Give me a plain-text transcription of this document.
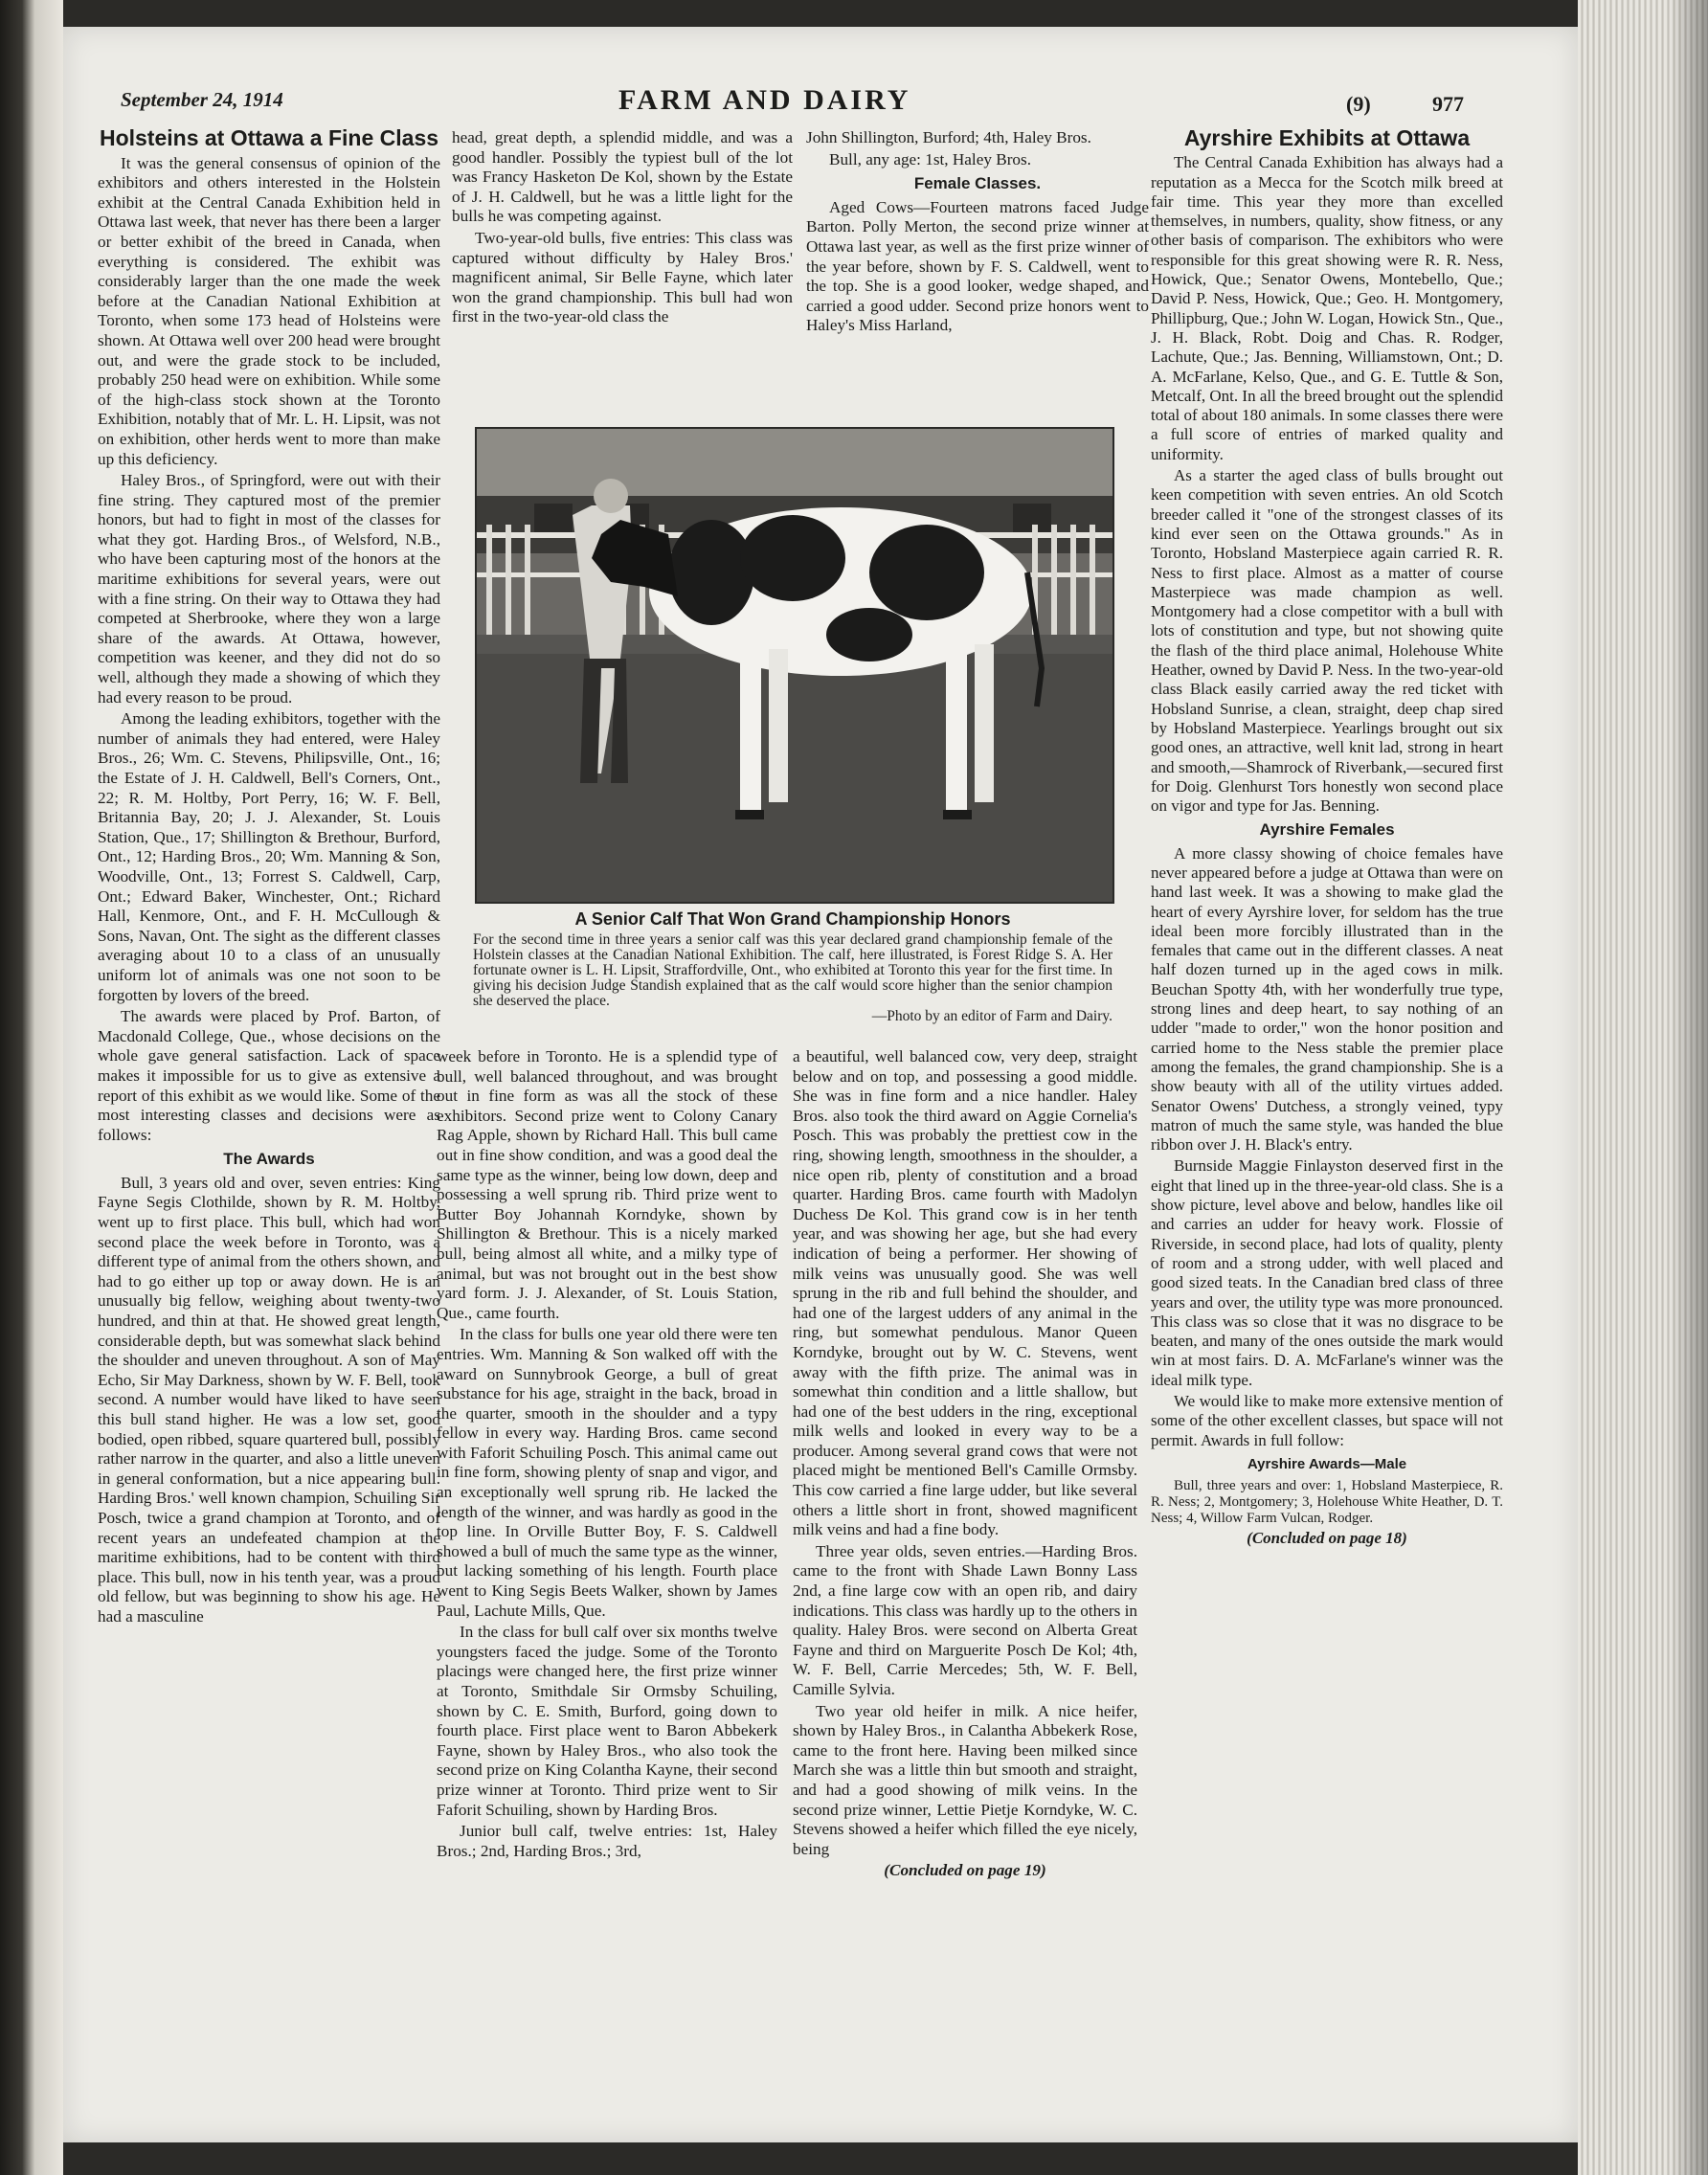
September 24, 1914	FARM AND DAIRY	(9)	977
Holsteins at Ottawa a Fine Class

It was the general consensus of opinion of the exhibitors and others interested in the Holstein exhibit at the Central Canada Exhibition held in Ottawa last week, that never has there been a larger or better exhibit of the breed in Canada, when everything is considered. The exhibit was considerably larger than the one made the week before at the Canadian National Exhibition at Toronto, when some 173 head of Holsteins were shown. At Ottawa well over 200 head were brought out, and were the grade stock to be included, probably 250 head were on exhibition. While some of the high-class stock shown at the Toronto Exhibition, notably that of Mr. L. H. Lipsit, was not on exhibition, other herds went to more than make up this deficiency.

Haley Bros., of Springford, were out with their fine string. They captured most of the premier honors, but had to fight in most of the classes for what they got. Harding Bros., of Welsford, N.B., who have been capturing most of the honors at the maritime exhibitions for several years, were out with a fine string. On their way to Ottawa they had competed at Sherbrooke, where they won a large share of the awards. At Ottawa, however, competition was keener, and they did not do so well, although they made a showing of which they had every reason to be proud.

Among the leading exhibitors, together with the number of animals they had entered, were Haley Bros., 26; Wm. C. Stevens, Philipsville, Ont., 16; the Estate of J. H. Caldwell, Bell's Corners, Ont., 22; R. M. Holtby, Port Perry, 16; W. F. Bell, Britannia Bay, 20; J. J. Alexander, St. Louis Station, Que., 17; Shillington & Brethour, Burford, Ont., 12; Harding Bros., 20; Wm. Manning & Son, Woodville, Ont., 13; Forrest S. Caldwell, Carp, Ont.; Edward Baker, Winchester, Ont.; Richard Hall, Kenmore, Ont., and F. H. McCullough & Sons, Navan, Ont. The sight as the different classes averaging about 10 to a class of an unusually uniform lot of animals was one not soon to be forgotten by lovers of the breed.

The awards were placed by Prof. Barton, of Macdonald College, Que., whose decisions on the whole gave general satisfaction. Lack of space makes it impossible for us to give as extensive a report of this exhibit as we would like. Some of the most interesting classes and decisions were as follows:

The Awards

Bull, 3 years old and over, seven entries: King Fayne Segis Clothilde, shown by R. M. Holtby, went up to first place. This bull, which had won second place the week before in Toronto, was a different type of animal from the others shown, and had to go either up top or away down. He is an unusually big fellow, weighing about twenty-two hundred, and thin at that. He showed great length, considerable depth, but was somewhat slack behind the shoulder and uneven throughout. A son of May Echo, Sir May Darkness, shown by W. F. Bell, took second. A number would have liked to have seen this bull stand higher. He was a low set, good bodied, open ribbed, square quartered bull, possibly rather narrow in the quarter, and also a little uneven in general conformation, but a nice appearing bull. Harding Bros.' well known champion, Schuiling Sir Posch, twice a grand champion at Toronto, and of recent years an undefeated champion at the maritime exhibitions, had to be content with third place. This bull, now in his tenth year, was a proud old fellow, but was beginning to show his age. He had a masculine

head, great depth, a splendid middle, and was a good handler. Possibly the typiest bull of the lot was Francy Hasketon De Kol, shown by the Estate of J. H. Caldwell, but he was a little light for the bulls he was competing against.

Two-year-old bulls, five entries: This class was captured without difficulty by Haley Bros.' magnificent animal, Sir Belle Fayne, which later won the grand championship. This bull had won first in the two-year-old class the

John Shillington, Burford; 4th, Haley Bros.

Bull, any age: 1st, Haley Bros.

Female Classes.

Aged Cows—Fourteen matrons faced Judge Barton. Polly Merton, the second prize winner at Ottawa last year, as well as the first prize winner of the year before, shown by F. S. Caldwell, went to the top. She is a good looker, wedge shaped, and carried a good udder. Second prize honors went to Haley's Miss Harland,

A Senior Calf That Won Grand Championship Honors
For the second time in three years a senior calf was this year declared grand championship female of the Holstein classes at the Canadian National Exhibition. The calf, here illustrated, is Forest Ridge S. A. Her fortunate owner is L. H. Lipsit, Straffordville, Ont., who exhibited at Toronto this year for the first time. In giving his decision Judge Standish explained that as the calf would score higher than the senior champion she deserved the place.
—Photo by an editor of Farm and Dairy.

week before in Toronto. He is a splendid type of bull, well balanced throughout, and was brought out in fine form as was all the stock of these exhibitors. Second prize went to Colony Canary Rag Apple, shown by Richard Hall. This bull came out in fine show condition, and was a good deal the same type as the winner, being low down, deep and possessing a well sprung rib. Third prize went to Butter Boy Johannah Korndyke, shown by Shillington & Brethour. This is a nicely marked bull, being almost all white, and a milky type of animal, but was not brought out in the best show yard form. J. J. Alexander, of St. Louis Station, Que., came fourth.

In the class for bulls one year old there were ten entries. Wm. Manning & Son walked off with the award on Sunnybrook George, a bull of great substance for his age, straight in the back, broad in the quarter, smooth in the shoulder and a typy fellow in every way. Harding Bros. came second with Faforit Schuiling Posch. This animal came out in fine form, showing plenty of snap and vigor, and an exceptionally well sprung rib. He lacked the length of the winner, and was hardly as good in the top line. In Orville Butter Boy, F. S. Caldwell showed a bull of much the same type as the winner, but lacking something of his length. Fourth place went to King Segis Beets Walker, shown by James Paul, Lachute Mills, Que.

In the class for bull calf over six months twelve youngsters faced the judge. Some of the Toronto placings were changed here, the first prize winner at Toronto, Smithdale Sir Ormsby Schuiling, shown by C. E. Smith, Burford, going down to fourth place. First place went to Baron Abbekerk Fayne, shown by Haley Bros., who also took the second prize on King Colantha Kayne, their second prize winner at Toronto. Third prize went to Sir Faforit Schuiling, shown by Harding Bros.

Junior bull calf, twelve entries: 1st, Haley Bros.; 2nd, Harding Bros.; 3rd,

a beautiful, well balanced cow, very deep, straight below and on top, and possessing a good middle. She was in fine form and a nice handler. Haley Bros. also took the third award on Aggie Cornelia's Posch. This was probably the prettiest cow in the ring, showing length, smoothness in the shoulder, a nice open rib, plenty of constitution and a broad quarter. Harding Bros. came fourth with Madolyn Duchess De Kol. This grand cow is in her tenth year, and was showing her age, but she had every indication of being a performer. Her showing of milk veins was unusually good. She was well sprung in the rib and full behind the shoulder, and had one of the largest udders of any animal in the ring, but somewhat pendulous. Manor Queen Korndyke, brought out by W. C. Stevens, went away with the fifth prize. The animal was in somewhat thin condition and a little shallow, but had one of the best udders in the ring, exceptional milk wells and looked in every way to be a producer. Among several grand cows that were not placed might be mentioned Bell's Camille Ormsby. This cow carried a fine large udder, but like several others a little short in front, showed magnificent milk veins and had a fine body.

Three year olds, seven entries.—Harding Bros. came to the front with Shade Lawn Bonny Lass 2nd, a fine large cow with an open rib, and dairy indications. This class was hardly up to the others in quality. Haley Bros. were second on Alberta Great Fayne and third on Marguerite Posch De Kol; 4th, W. F. Bell, Carrie Mercedes; 5th, W. F. Bell, Camille Sylvia.

Two year old heifer in milk. A nice heifer, shown by Haley Bros., in Calantha Abbekerk Rose, came to the front here. Having been milked since March she was a little thin but smooth and straight, and had a good showing of milk veins. In the second prize winner, Lettie Pietje Korndyke, W. C. Stevens showed a heifer which filled the eye nicely, being

(Concluded on page 19)

Ayrshire Exhibits at Ottawa

The Central Canada Exhibition has always had a reputation as a Mecca for the Scotch milk breed at fair time. This year they more than excelled themselves, in numbers, quality, show fitness, or any other basis of comparison. The exhibitors who were responsible for this great showing were R. R. Ness, Howick, Que.; Senator Owens, Montebello, Que.; David P. Ness, Howick, Que.; Geo. H. Montgomery, Phillipburg, Que.; John W. Logan, Howick Stn., Que., J. H. Black, Robt. Doig and Chas. R. Rodger, Lachute, Que.; Jas. Benning, Williamstown, Ont.; D. A. McFarlane, Kelso, Que., and G. E. Tuttle & Son, Metcalf, Ont. In all the breed brought out the splendid total of about 180 animals. In some classes there were a full score of entries of marked quality and uniformity.

As a starter the aged class of bulls brought out keen competition with seven entries. An old Scotch breeder called it "one of the strongest classes of its kind ever seen on the Ottawa grounds." As in Toronto, Hobsland Masterpiece again carried R. R. Ness to first place. Almost as a matter of course Masterpiece was made champion as well. Montgomery had a close competitor with a bull with lots of constitution and type, but not showing quite the flash of the third place animal, Holehouse White Heather, owned by David P. Ness. In the two-year-old class Black easily carried away the red ticket with Hobsland Sunrise, a clean, straight, deep chap sired by Hobsland Masterpiece. Yearlings brought out six good ones, an attractive, well knit lad, strong in heart and smooth,—Shamrock of Riverbank,—secured first for Doig. Glenhurst Tors honestly won second place on vigor and type for Jas. Benning.

Ayrshire Females

A more classy showing of choice females have never appeared before a judge at Ottawa than were on hand last week. It was a showing to make glad the heart of every Ayrshire lover, for seldom has the true ideal been more forcibly illustrated than in the females that came out in the different classes. A neat half dozen turned up in the aged cows in milk. Beuchan Spotty 4th, with her wonderfully true type, strong lines and deep heart, to say nothing of an udder "made to order," won the honor position and carried home to the Ness stable the premier place among the females, the grand championship. She is a show beauty with all of the utility virtues added. Senator Owens' Dutchess, a strongly veined, typy matron of much the same style, was handed the blue ribbon over J. H. Black's entry.

Burnside Maggie Finlayston deserved first in the eight that lined up in the three-year-old class. She is a show picture, level above and below, handles like oil and carries an udder for heavy work. Flossie of Riverside, in second place, had lots of quality, plenty of room and a strong udder, with well placed and good sized teats. In the Canadian bred class of three years and over, the utility type was more pronounced. This class was so close that it was no disgrace to be beaten, and many of the ones outside the mark would win at most fairs. D. A. McFarlane's winner was the ideal milk type.

We would like to make more extensive mention of some of the other excellent classes, but space will not permit. Awards in full follow:

Ayrshire Awards—Male

Bull, three years and over: 1, Hobsland Masterpiece, R. R. Ness; 2, Montgomery; 3, Holehouse White Heather, D. T. Ness; 4, Willow Farm Vulcan, Rodger.

(Concluded on page 18)
